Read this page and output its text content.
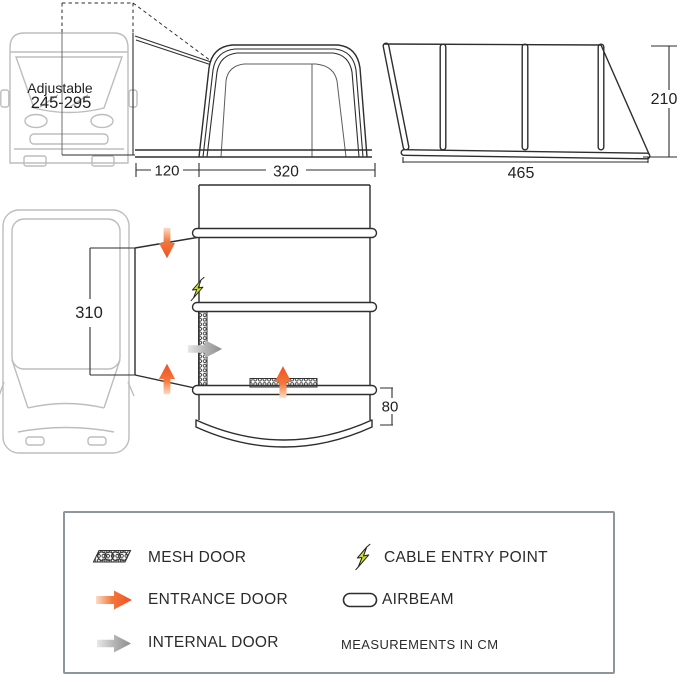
Adjustable
245-295
120	320
210
465
310
80
MESH DOOR
ENTRANCE DOOR
INTERNAL DOOR
CABLE ENTRY POINT
AIRBEAM
MEASUREMENTS IN CM
